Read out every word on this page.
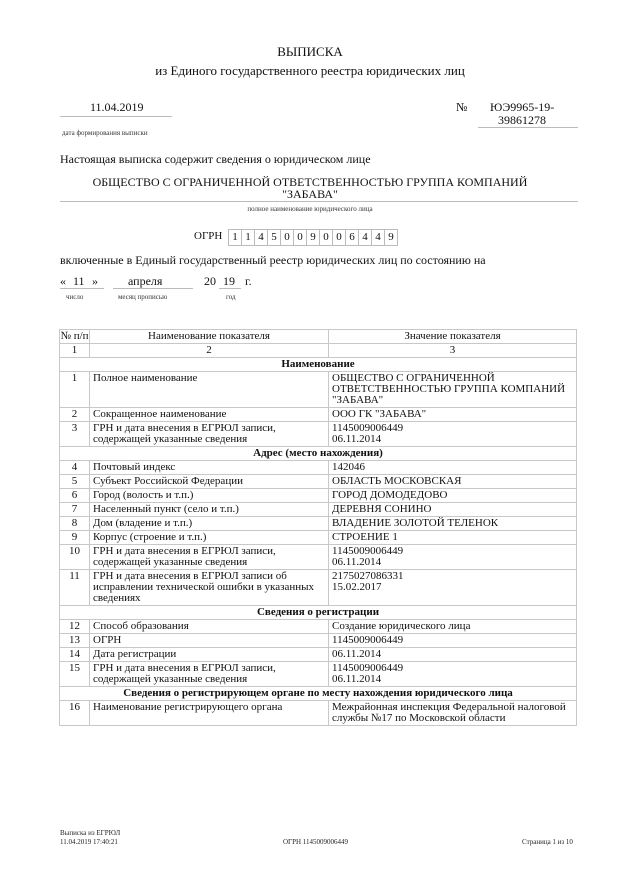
ВЫПИСКА
из Единого государственного реестра юридических лиц
11.04.2019
дата формирования выписки
№ ЮЭ9965-19-
39861278
Настоящая выписка содержит сведения о юридическом лице
ОБЩЕСТВО С ОГРАНИЧЕННОЙ ОТВЕТСТВЕННОСТЬЮ ГРУППА КОМПАНИЙ
"ЗАБАВА"
полное наименование юридического лица
ОГРН 1 1 4 5 0 0 9 0 0 6 4 4 9
включенные в Единый государственный реестр юридических лиц по состоянию на
« 11 »	апреля	20 19 г.
число	месяц прописью	год
№ п/п	Наименование показателя	Значение показателя
1	2	3
Наименование		
1	Полное наименование	ОБЩЕСТВО С ОГРАНИЧЕННОЙ ОТВЕТСТВЕННОСТЬЮ ГРУППА КОМПАНИЙ "ЗАБАВА"

2	Сокращенное наименование	ООО ГК "ЗАБАВА"

3	ГРН и дата внесения в ЕГРЮЛ записи, содержащей указанные сведения	1145009006449
06.11.2014

Адрес (место нахождения)		
4	Почтовый индекс	142046

5	Субъект Российской Федерации	ОБЛАСТЬ МОСКОВСКАЯ

6	Город (волость и т.п.)	ГОРОД ДОМОДЕДОВО

7	Населенный пункт (село и т.п.)	ДЕРЕВНЯ СОНИНО

8	Дом (владение и т.п.)	ВЛАДЕНИЕ ЗОЛОТОЙ ТЕЛЕНОК

9	Корпус (строение и т.п.)	СТРОЕНИЕ 1

10	ГРН и дата внесения в ЕГРЮЛ записи, содержащей указанные сведения	1145009006449
06.11.2014

11	ГРН и дата внесения в ЕГРЮЛ записи об исправлении технической ошибки в указанных сведениях	2175027086331
15.02.2017

Сведения о регистрации		
12	Способ образования	Создание юридического лица

13	ОГРН	1145009006449

14	Дата регистрации	06.11.2014

15	ГРН и дата внесения в ЕГРЮЛ записи, содержащей указанные сведения	1145009006449
06.11.2014

Сведения о регистрирующем органе по месту нахождения юридического лица		
16	Наименование регистрирующего органа	Межрайонная инспекция Федеральной налоговой службы №17 по Московской области
Выписка из ЕГРЮЛ
11.04.2019 17:40:21	ОГРН 1145009006449	Страница 1 из 10
